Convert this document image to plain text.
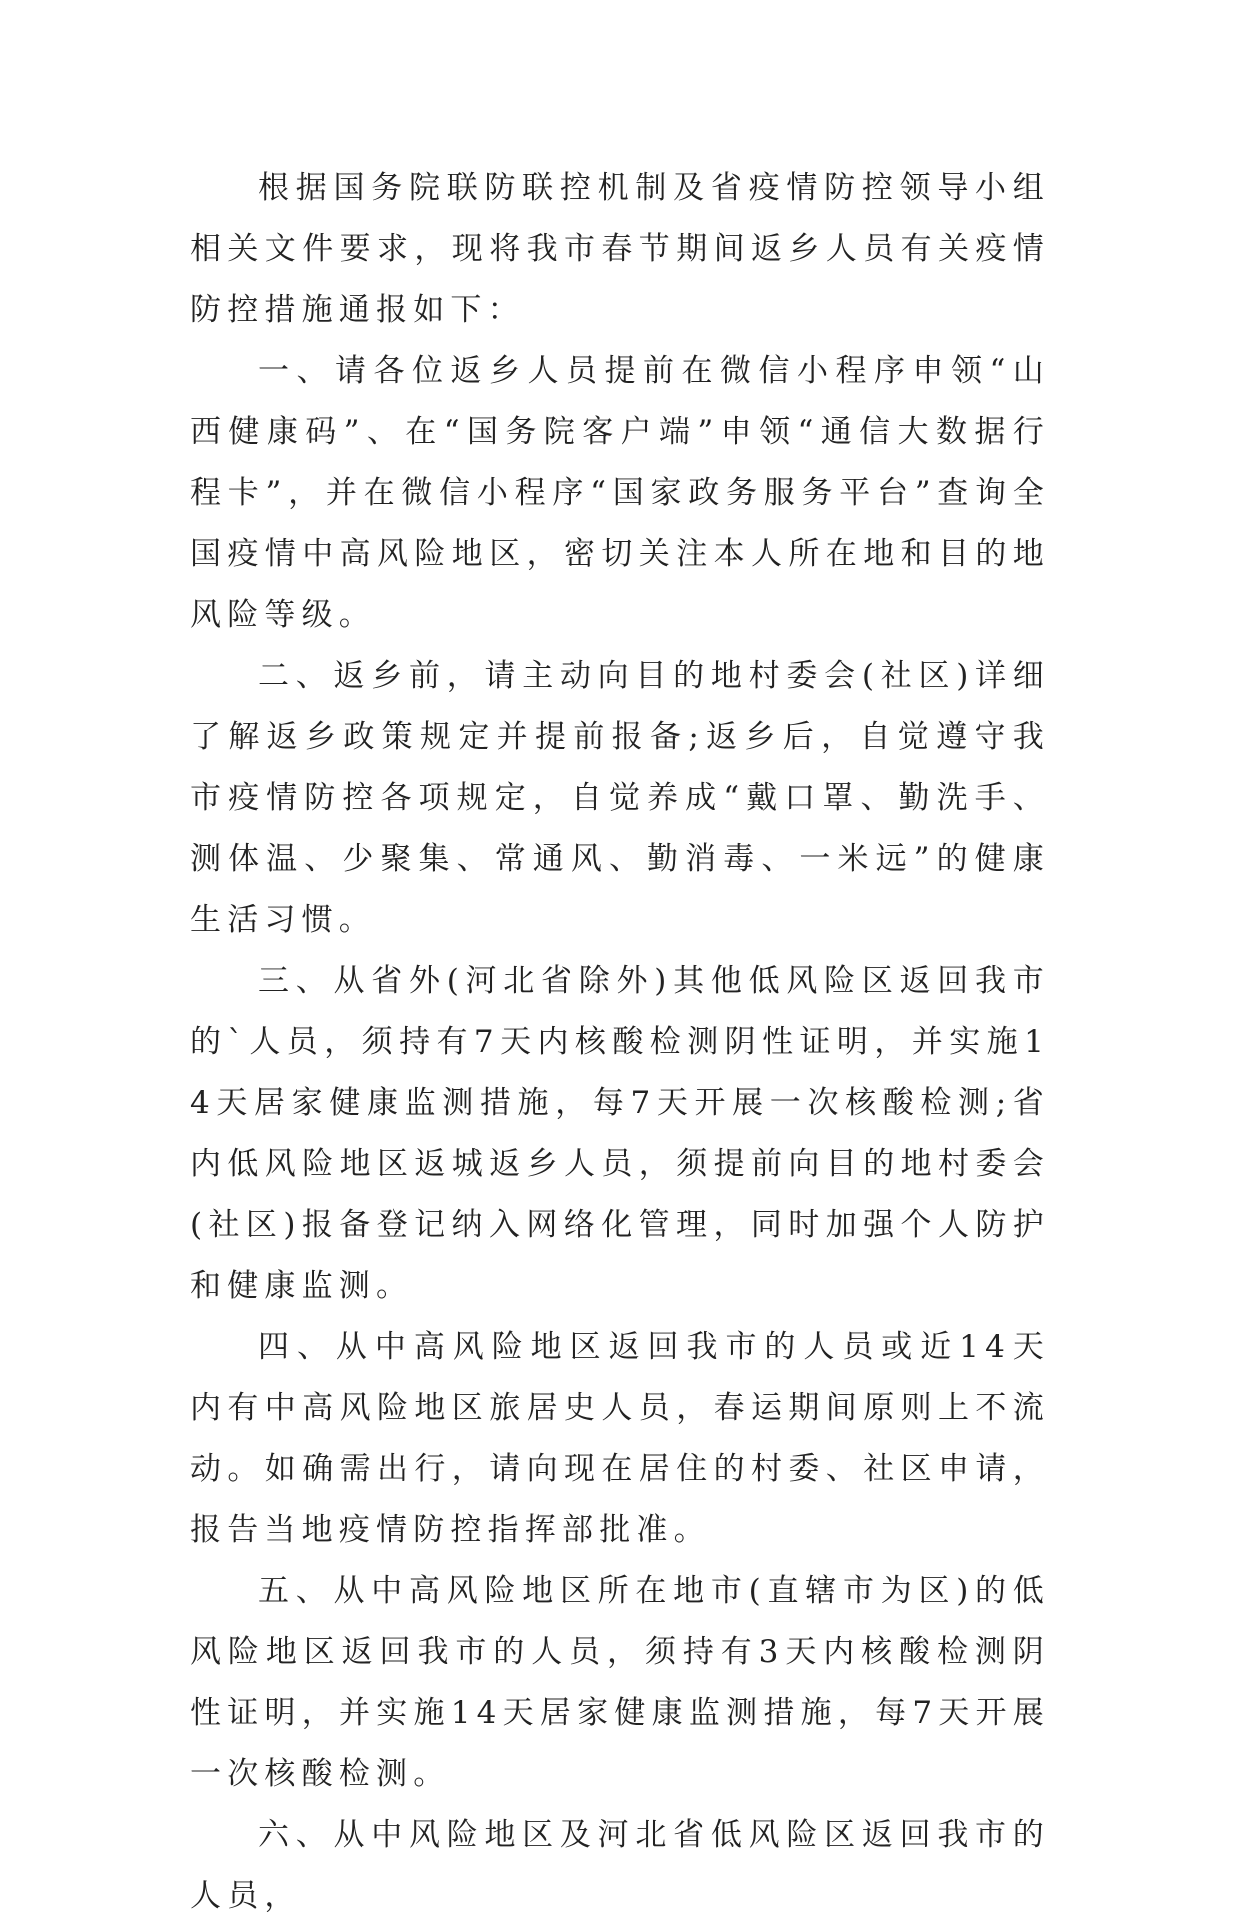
根据国务院联防联控机制及省疫情防控领导小组相关文件要求，现将我市春节期间返乡人员有关疫情防控措施通报如下：

一、请各位返乡人员提前在微信小程序申领“山西健康码”、在“国务院客户端”申领“通信大数据行程卡”，并在微信小程序“国家政务服务平台”查询全国疫情中高风险地区，密切关注本人所在地和目的地风险等级。

二、返乡前，请主动向目的地村委会(社区)详细了解返乡政策规定并提前报备;返乡后，自觉遵守我市疫情防控各项规定，自觉养成“戴口罩、勤洗手、测体温、少聚集、常通风、勤消毒、一米远”的健康生活习惯。

三、从省外(河北省除外)其他低风险区返回我市的`人员，须持有7天内核酸检测阴性证明，并实施14天居家健康监测措施，每7天开展一次核酸检测;省内低风险地区返城返乡人员，须提前向目的地村委会(社区)报备登记纳入网络化管理，同时加强个人防护和健康监测。

四、从中高风险地区返回我市的人员或近14天内有中高风险地区旅居史人员，春运期间原则上不流动。如确需出行，请向现在居住的村委、社区申请，报告当地疫情防控指挥部批准。

五、从中高风险地区所在地市(直辖市为区)的低风险地区返回我市的人员，须持有3天内核酸检测阴性证明，并实施14天居家健康监测措施，每7天开展一次核酸检测。

六、从中风险地区及河北省低风险区返回我市的人员，
